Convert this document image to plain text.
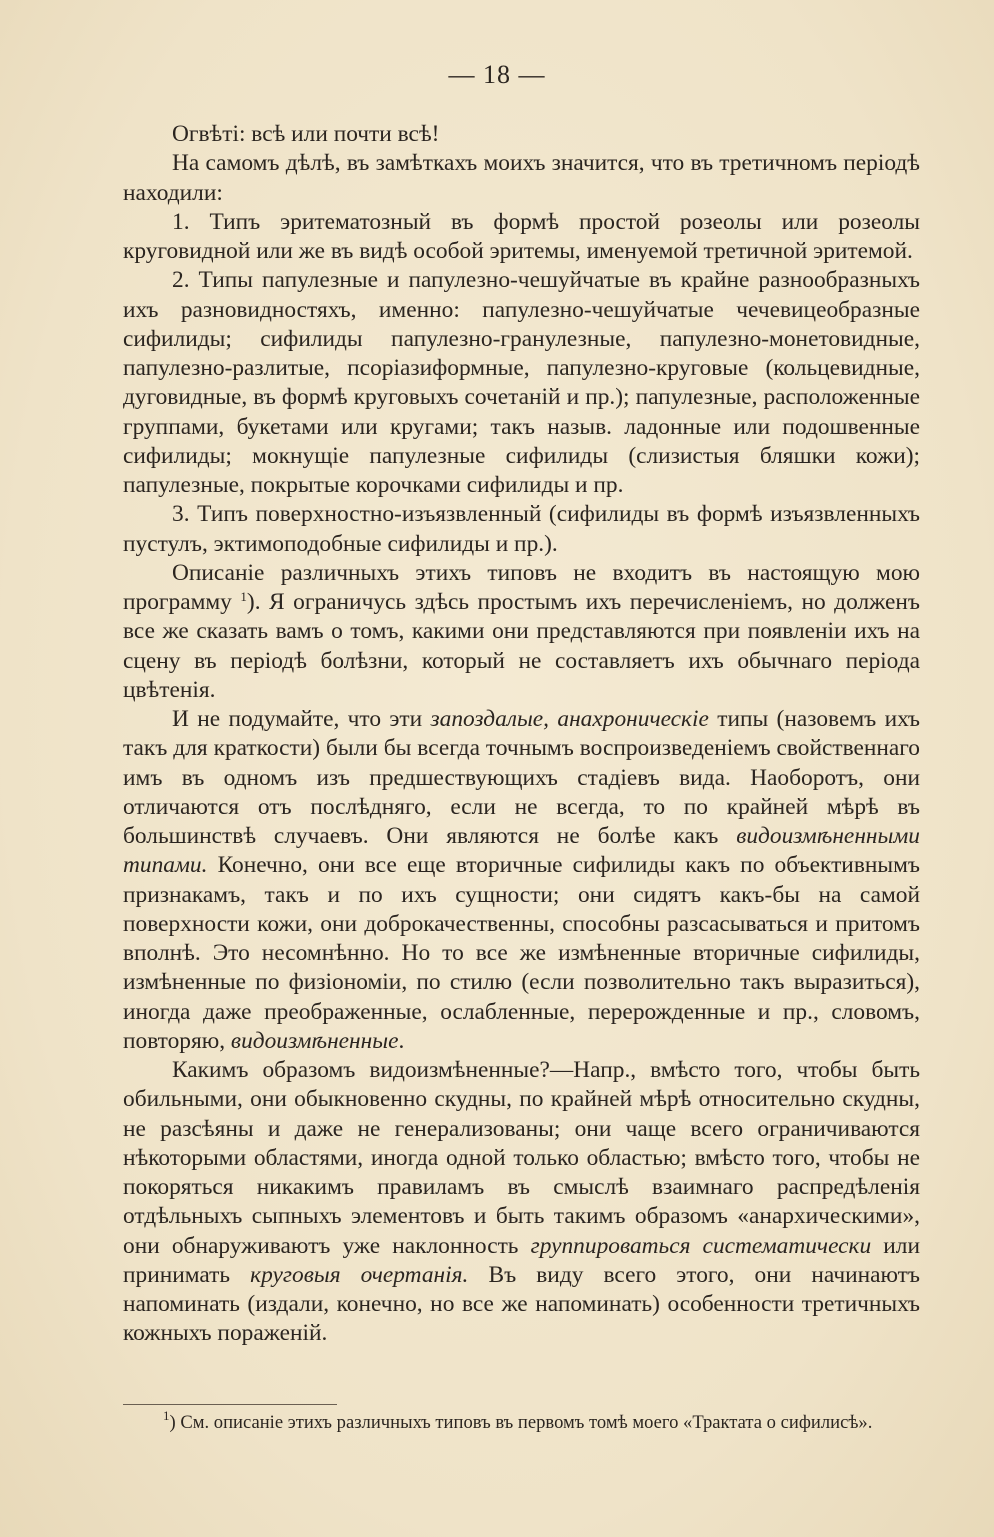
— 18 —

Огвѣті: всѣ или почти всѣ!

На самомъ дѣлѣ, въ замѣткахъ моихъ значится, что въ третичномъ періодѣ находили:

1. Типъ эритематозный въ формѣ простой розеолы или розеолы круговидной или же въ видѣ особой эритемы, именуемой третичной эритемой.

2. Типы папулезные и папулезно-чешуйчатые въ крайне разнообразныхъ ихъ разновидностяхъ, именно: папулезно-чешуйчатые чечевицеобразные сифилиды; сифилиды папулезно-гранулезные, папулезно-монетовидные, папулезно-разлитые, псоріазиформные, папулезно-круговые (кольцевидные, дуговидные, въ формѣ круговыхъ сочетаній и пр.); папулезные, расположенные группами, букетами или кругами; такъ назыв. ладонные или подошвенные сифилиды; мокнущіе папулезные сифилиды (слизистыя бляшки кожи); папулезные, покрытые корочками сифилиды и пр.

3. Типъ поверхностно-изъязвленный (сифилиды въ формѣ изъязвленныхъ пустулъ, эктимоподобные сифилиды и пр.).

Описаніе различныхъ этихъ типовъ не входитъ въ настоящую мою программу $^1$). Я ограничусь здѣсь простымъ ихъ перечисленіемъ, но долженъ все же сказать вамъ о томъ, какими они представляются при появленіи ихъ на сцену въ періодѣ болѣзни, который не составляетъ ихъ обычнаго періода цвѣтенія.

И не подумайте, что эти запоздалые, анахроническіе типы (назовемъ ихъ такъ для краткости) были бы всегда точнымъ воспроизведеніемъ свойственнаго имъ въ одномъ изъ предшествующихъ стадіевъ вида. Наоборотъ, они отличаются отъ послѣдняго, если не всегда, то по крайней мѣрѣ въ большинствѣ случаевъ. Они являются не болѣе какъ видоизмѣненными типами. Конечно, они все еще вторичные сифилиды какъ по объективнымъ признакамъ, такъ и по ихъ сущности; они сидятъ какъ-бы на самой поверхности кожи, они доброкачественны, способны разсасываться и притомъ вполнѣ. Это несомнѣнно. Но то все же измѣненные вторичные сифилиды, измѣненные по физіономіи, по стилю (если позволительно такъ выразиться), иногда даже преображенные, ослабленные, перерожденные и пр., словомъ, повторяю, видоизмѣненные.

Какимъ образомъ видоизмѣненные?—Напр., вмѣсто того, чтобы быть обильными, они обыкновенно скудны, по крайней мѣрѣ относительно скудны, не разсѣяны и даже не генерализованы; они чаще всего ограничиваются нѣкоторыми областями, иногда одной только областью; вмѣсто того, чтобы не покоряться никакимъ правиламъ въ смыслѣ взаимнаго распредѣленія отдѣльныхъ сыпныхъ элементовъ и быть такимъ образомъ «анархическими», они обнаруживаютъ уже наклонность группироваться систематически или принимать круговыя очертанія. Въ виду всего этого, они начинаютъ напоминать (издали, конечно, но все же напоминать) особенности третичныхъ кожныхъ пораженій.

$^1$) См. описаніе этихъ различныхъ типовъ въ первомъ томѣ моего «Трактата о сифилисѣ».
